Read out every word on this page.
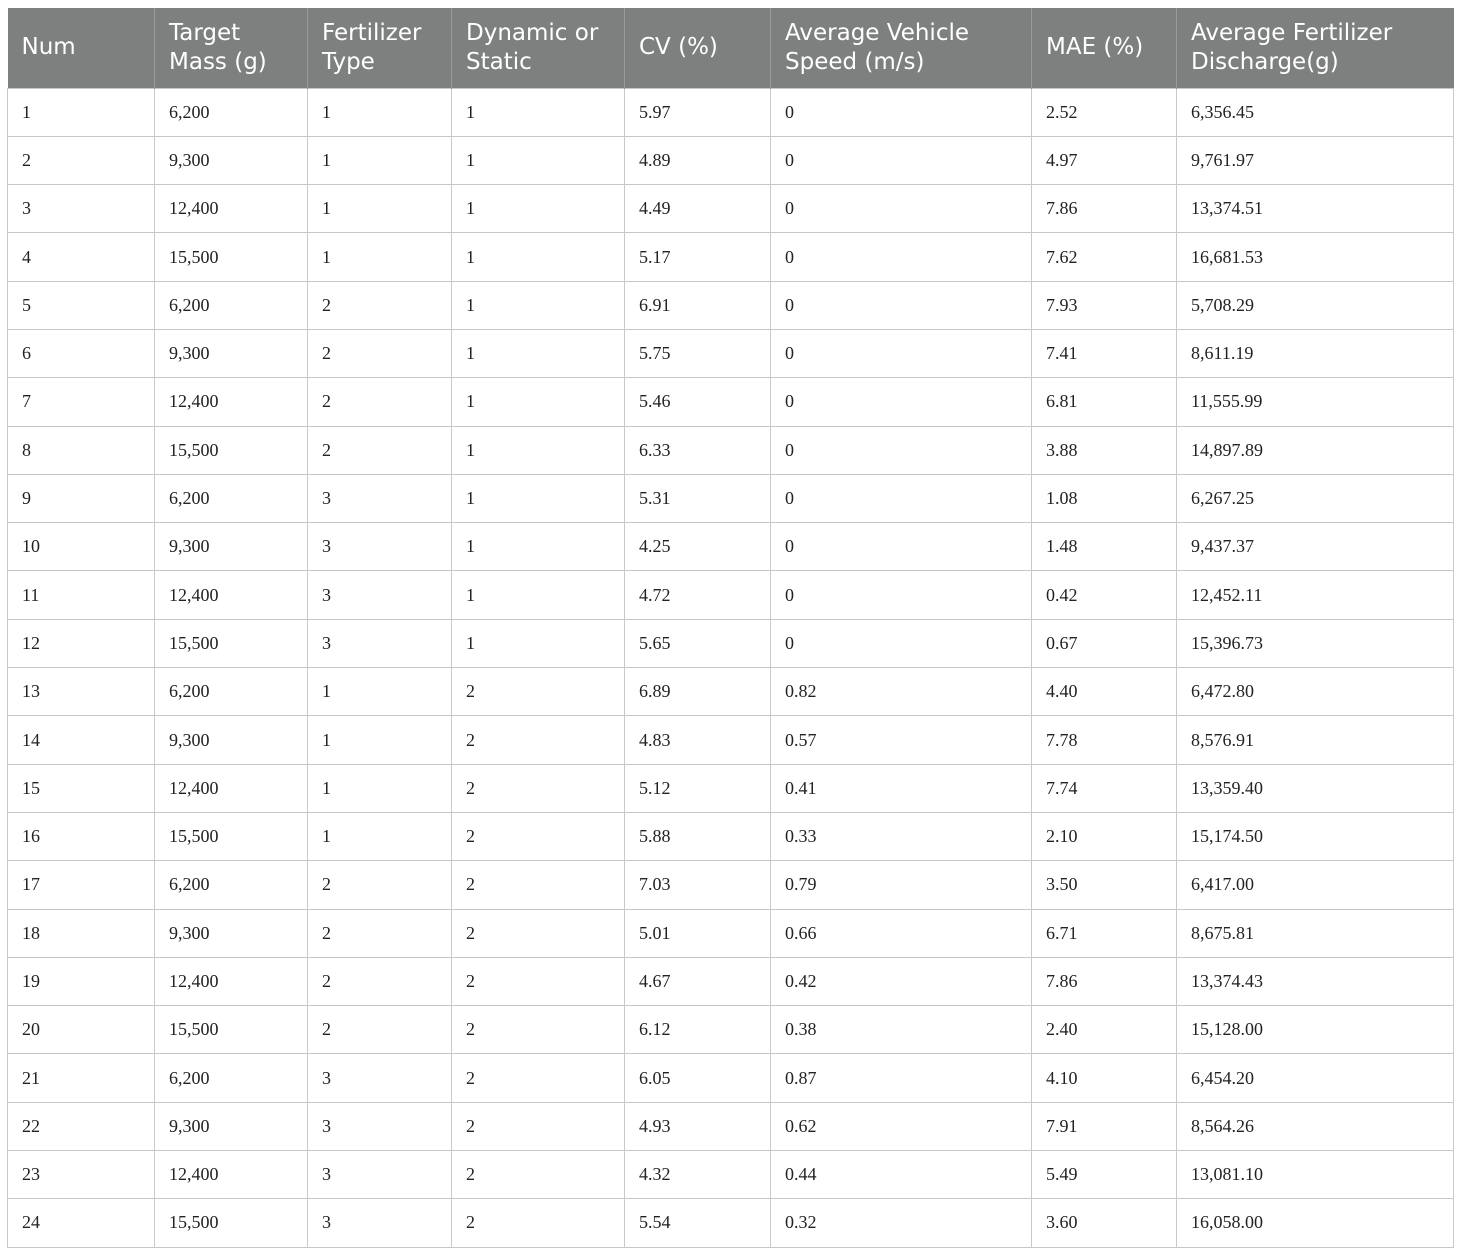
Num	Target Mass (g)	Fertilizer Type	Dynamic or Static	CV (%)	Average Vehicle Speed (m/s)	MAE (%)	Average Fertilizer Discharge(g)
1	6,200	1	1	5.97	0	2.52	6,356.45
2	9,300	1	1	4.89	0	4.97	9,761.97
3	12,400	1	1	4.49	0	7.86	13,374.51
4	15,500	1	1	5.17	0	7.62	16,681.53
5	6,200	2	1	6.91	0	7.93	5,708.29
6	9,300	2	1	5.75	0	7.41	8,611.19
7	12,400	2	1	5.46	0	6.81	11,555.99
8	15,500	2	1	6.33	0	3.88	14,897.89
9	6,200	3	1	5.31	0	1.08	6,267.25
10	9,300	3	1	4.25	0	1.48	9,437.37
11	12,400	3	1	4.72	0	0.42	12,452.11
12	15,500	3	1	5.65	0	0.67	15,396.73
13	6,200	1	2	6.89	0.82	4.40	6,472.80
14	9,300	1	2	4.83	0.57	7.78	8,576.91
15	12,400	1	2	5.12	0.41	7.74	13,359.40
16	15,500	1	2	5.88	0.33	2.10	15,174.50
17	6,200	2	2	7.03	0.79	3.50	6,417.00
18	9,300	2	2	5.01	0.66	6.71	8,675.81
19	12,400	2	2	4.67	0.42	7.86	13,374.43
20	15,500	2	2	6.12	0.38	2.40	15,128.00
21	6,200	3	2	6.05	0.87	4.10	6,454.20
22	9,300	3	2	4.93	0.62	7.91	8,564.26
23	12,400	3	2	4.32	0.44	5.49	13,081.10
24	15,500	3	2	5.54	0.32	3.60	16,058.00
